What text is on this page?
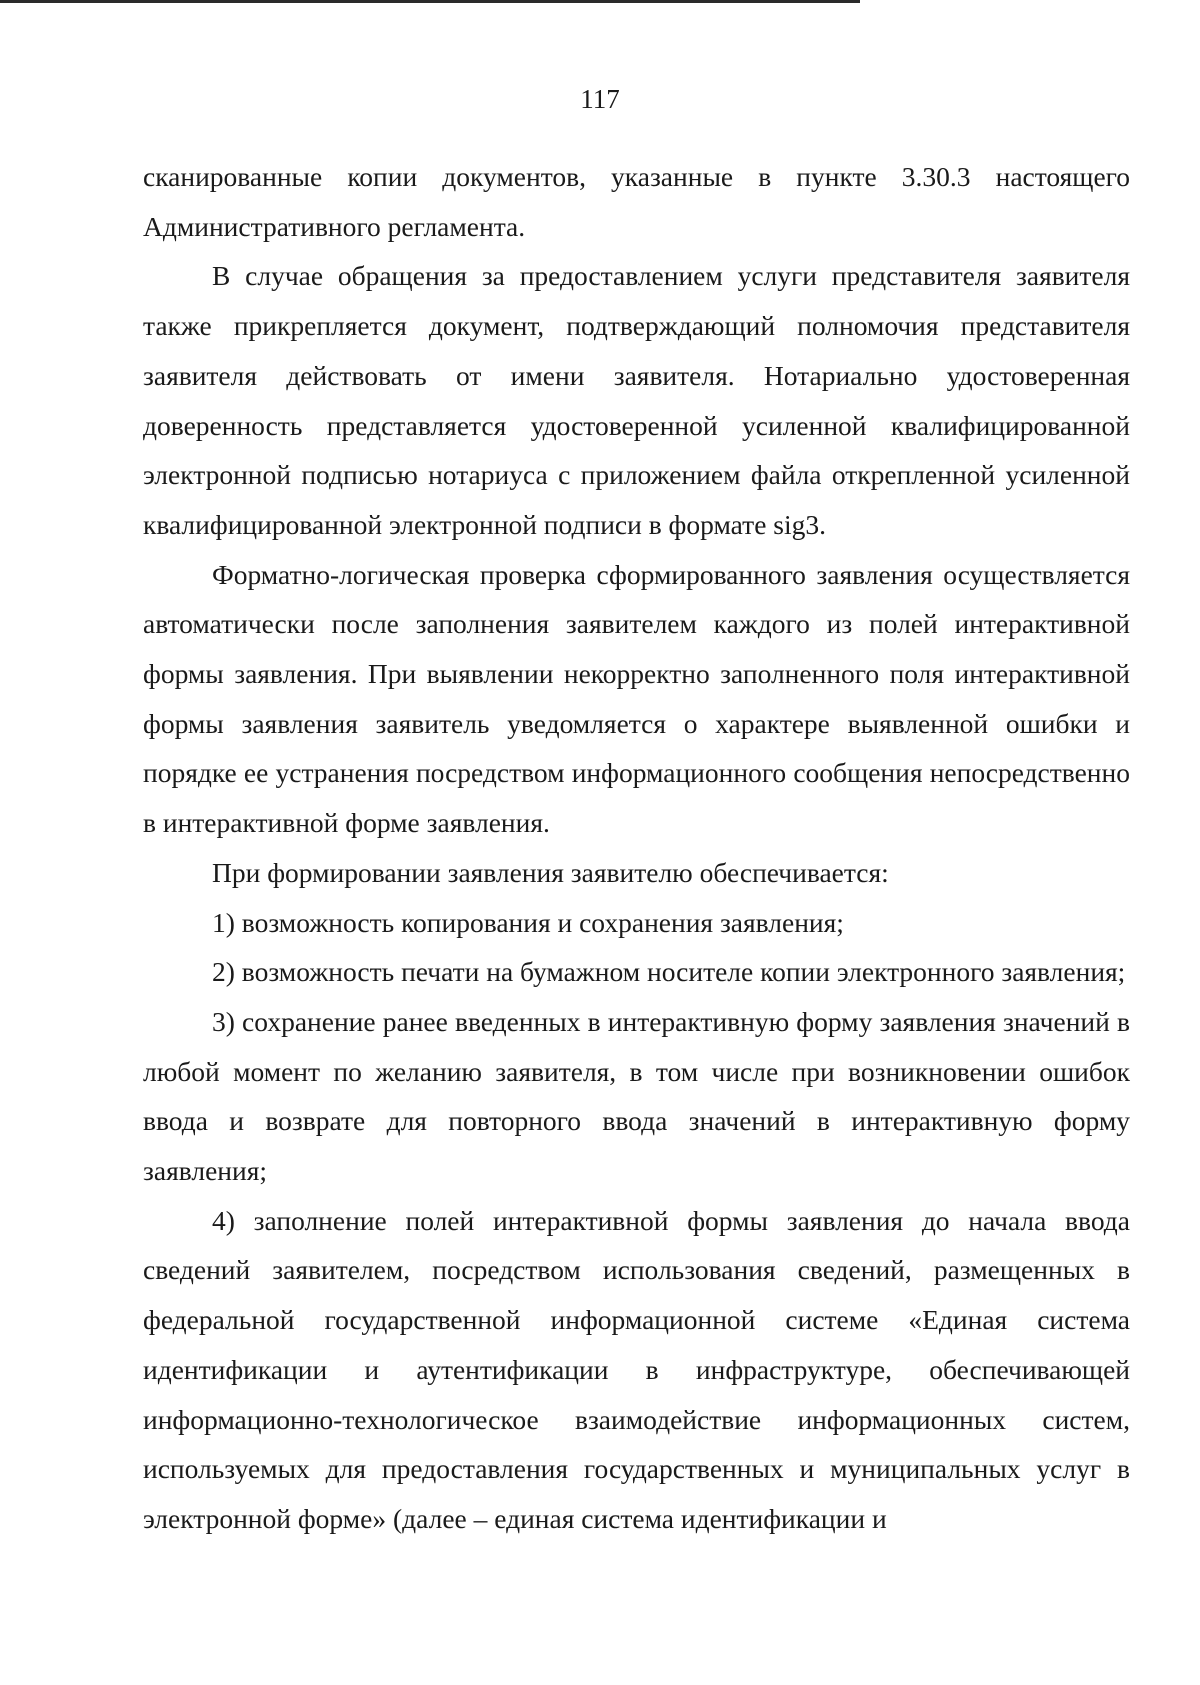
117

сканированные копии документов, указанные в пункте 3.30.3 настоящего Административного регламента.

В случае обращения за предоставлением услуги представителя заявителя также прикрепляется документ, подтверждающий полномочия представителя заявителя действовать от имени заявителя. Нотариально удостоверенная доверенность представляется удостоверенной усиленной квалифицированной электронной подписью нотариуса с приложением файла открепленной усиленной квалифицированной электронной подписи в формате sig3.

Форматно-логическая проверка сформированного заявления осуществляется автоматически после заполнения заявителем каждого из полей интерактивной формы заявления. При выявлении некорректно заполненного поля интерактивной формы заявления заявитель уведомляется о характере выявленной ошибки и порядке ее устранения посредством информационного сообщения непосредственно в интерактивной форме заявления.

При формировании заявления заявителю обеспечивается:

1) возможность копирования и сохранения заявления;

2) возможность печати на бумажном носителе копии электронного заявления;

3) сохранение ранее введенных в интерактивную форму заявления значений в любой момент по желанию заявителя, в том числе при возникновении ошибок ввода и возврате для повторного ввода значений в интерактивную форму заявления;

4) заполнение полей интерактивной формы заявления до начала ввода сведений заявителем, посредством использования сведений, размещенных в федеральной государственной информационной системе «Единая система идентификации и аутентификации в инфраструктуре, обеспечивающей информационно-технологическое взаимодействие информационных систем, используемых для предоставления государственных и муниципальных услуг в электронной форме» (далее – единая система идентификации и
